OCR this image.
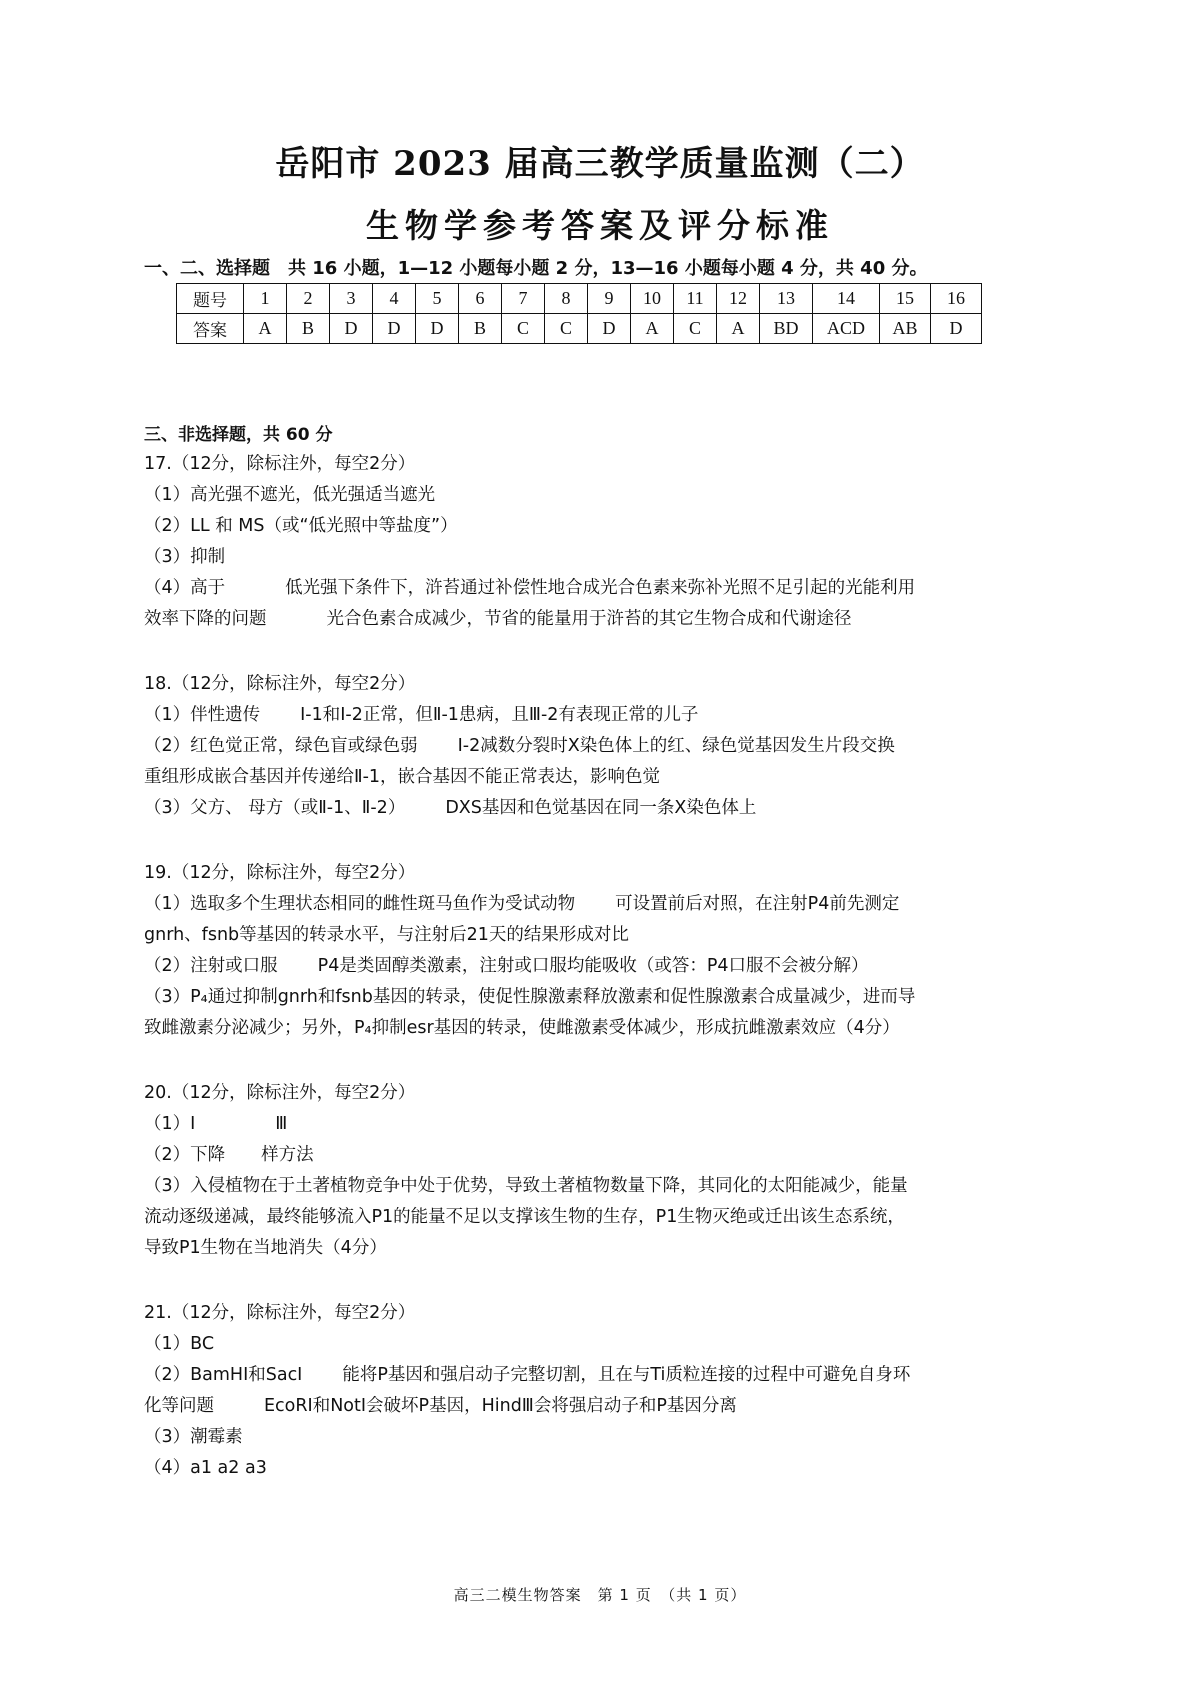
岳阳市 2023 届高三教学质量监测（二）
生物学参考答案及评分标准
一、二、选择题　共 16 小题，1—12 小题每小题 2 分，13—16 小题每小题 4 分，共 40 分。
题号	1	2	3	4	5	6	7	8	9	10	11	12	13	14	15	16
答案	A	B	D	D	D	B	C	C	D	A	C	A	BD	ACD	AB	D
三、非选择题，共 60 分
17.（12分，除标注外，每空2分）
（1）高光强不遮光，低光强适当遮光
（2）LL 和 MS（或“低光照中等盐度”）
（3）抑制
（4）高于	低光强下条件下，浒苔通过补偿性地合成光合色素来弥补光照不足引起的光能利用
效率下降的问题	光合色素合成减少，节省的能量用于浒苔的其它生物合成和代谢途径
18.（12分，除标注外，每空2分）
（1）伴性遗传 Ⅰ-1和Ⅰ-2正常，但Ⅱ-1患病，且Ⅲ-2有表现正常的儿子
（2）红色觉正常，绿色盲或绿色弱 Ⅰ-2减数分裂时X染色体上的红、绿色觉基因发生片段交换
重组形成嵌合基因并传递给Ⅱ-1，嵌合基因不能正常表达，影响色觉
（3）父方、 母方（或Ⅱ-1、Ⅱ-2） DXS基因和色觉基因在同一条X染色体上
19.（12分，除标注外，每空2分）
（1）选取多个生理状态相同的雌性斑马鱼作为受试动物 可设置前后对照，在注射P4前先测定
gnrh、fsnb等基因的转录水平，与注射后21天的结果形成对比
（2）注射或口服 P4是类固醇类激素，注射或口服均能吸收（或答：P4口服不会被分解）
（3）P₄通过抑制gnrh和fsnb基因的转录，使促性腺激素释放激素和促性腺激素合成量减少，进而导
致雌激素分泌减少；另外，P₄抑制esr基因的转录，使雌激素受体减少，形成抗雌激素效应（4分）
20.（12分，除标注外，每空2分）
（1）Ⅰ	Ⅲ
（2）下降 样方法
（3）入侵植物在于土著植物竞争中处于优势，导致土著植物数量下降，其同化的太阳能减少，能量
流动逐级递减，最终能够流入P1的能量不足以支撑该生物的生存，P1生物灭绝或迁出该生态系统，
导致P1生物在当地消失（4分）
21.（12分，除标注外，每空2分）
（1）BC
（2）BamHI和SacI 能将P基因和强启动子完整切割，且在与Ti质粒连接的过程中可避免自身环
化等问题	EcoRI和NotI会破坏P基因，HindⅢ会将强启动子和P基因分离
（3）潮霉素
（4）a1 a2 a3
高三二模生物答案　第 1 页　（共 1 页）
